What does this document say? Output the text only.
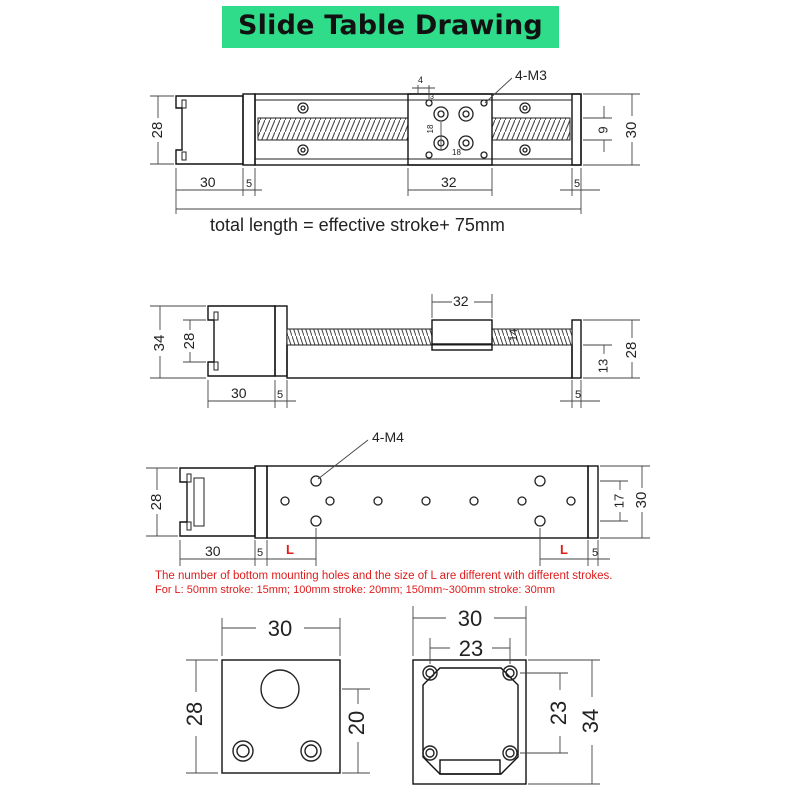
Slide Table Drawing
4-M3
28	30
9
4
3
18
18
30	5	32	5
total length = effective stroke+ 75mm
34 28
32
14
28
13
30	5	5
4-M4
28	17 30
30	5 L	L 5
The number of bottom mounting holes and the size of L are different with different strokes.
For L: 50mm stroke: 15mm; 100mm stroke: 20mm; 150mm~300mm stroke: 30mm
30
28	20
30
23
23 34
